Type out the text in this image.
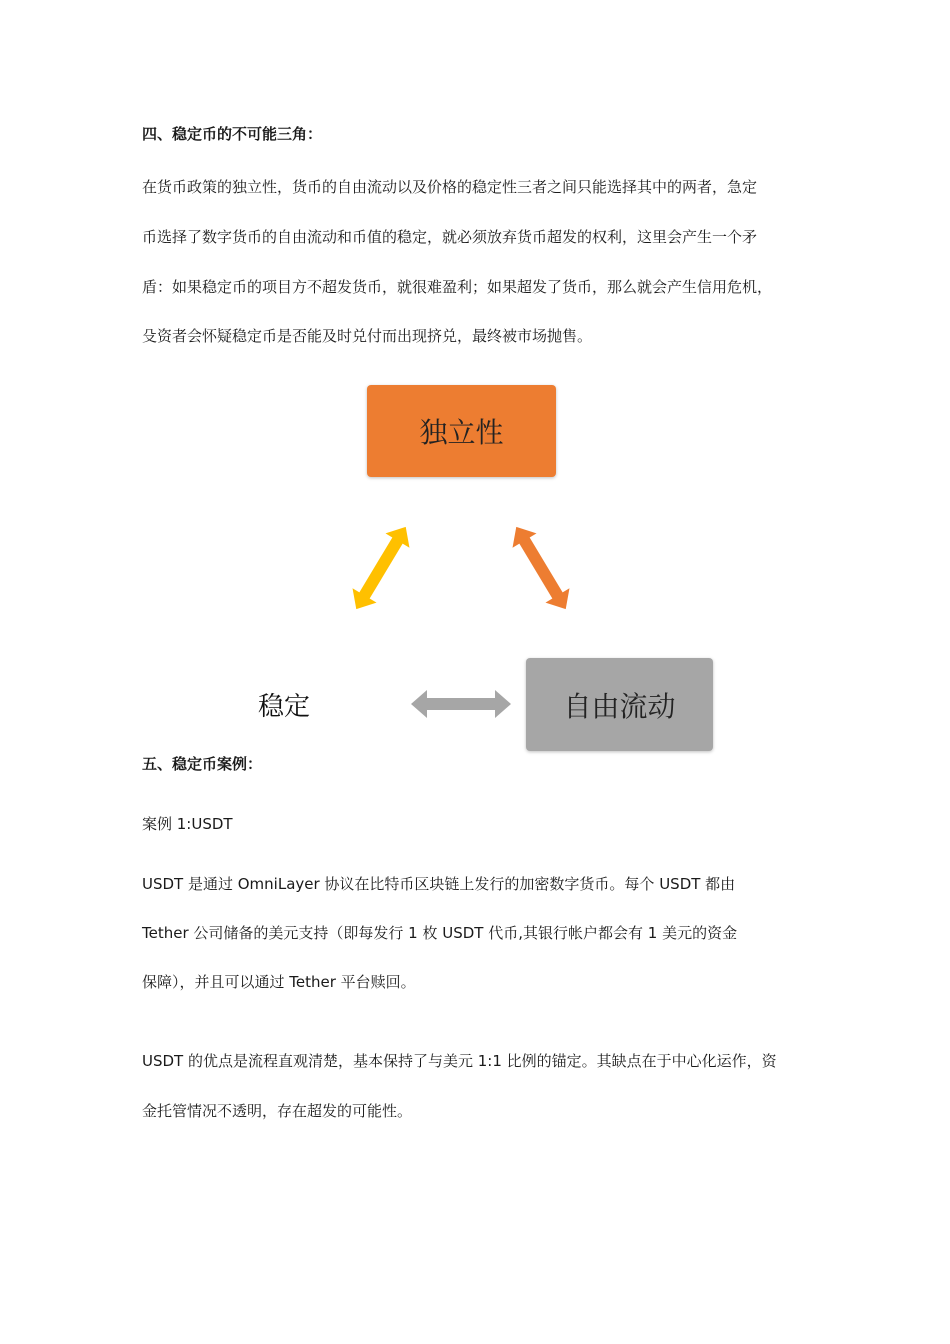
四、稳定币的不可能三角：
在货币政策的独立性，货币的自由流动以及价格的稳定性三者之间只能选择其中的两者，急定
币选择了数字货币的自由流动和币值的稳定，就必须放弃货币超发的权利，这里会产生一个矛
盾：如果稳定币的项目方不超发货币，就很难盈利；如果超发了货币，那么就会产生信用危机，
殳资者会怀疑稳定币是否能及时兑付而出现挤兑，最终被市场抛售。
独立性
自由流动
稳定
五、稳定币案例：
案例 1:USDT
USDT 是通过 OmniLayer 协议在比特币区块链上发行的加密数字货币。每个 USDT 都由
Tether 公司储备的美元支持（即每发行 1 枚 USDT 代币,其银行帐户都会有 1 美元的资金
保障），并且可以通过 Tether 平台赎回。
USDT 的优点是流程直观清楚，基本保持了与美元 1:1 比例的锚定。其缺点在于中心化运作，资
金托管情况不透明，存在超发的可能性。
